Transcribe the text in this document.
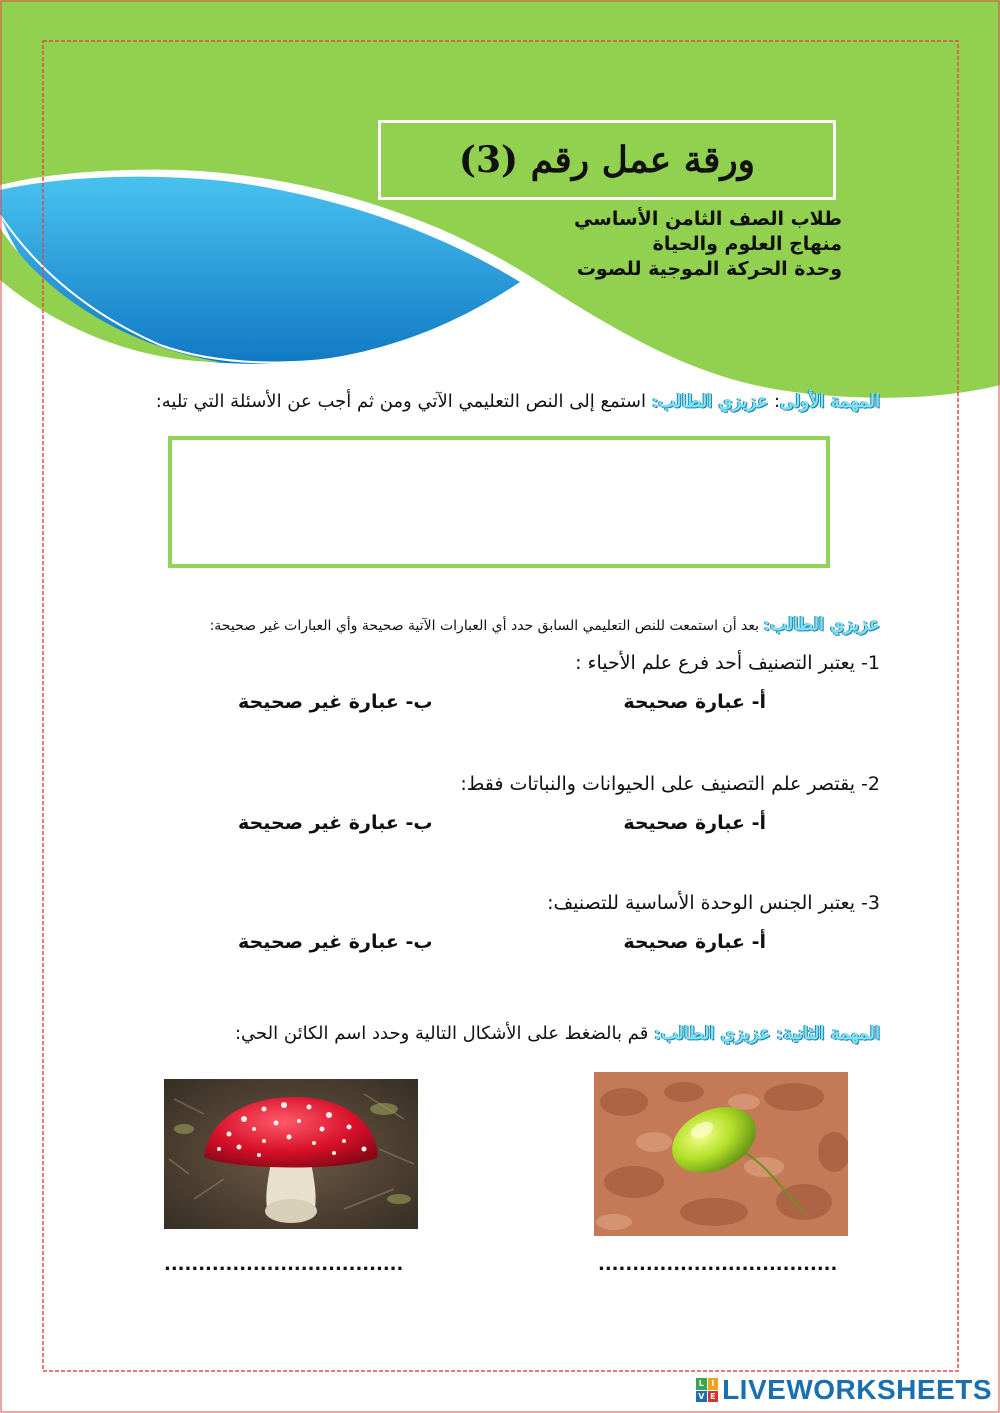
ورقة عمل رقم (3)
طلاب الصف الثامن الأساسي
منهاج العلوم والحياة
وحدة الحركة الموجية للصوت
المهمة الأولى: عزيزي الطالب: استمع إلى النص التعليمي الآتي ومن ثم أجب عن الأسئلة التي تليه:
عزيزي الطالب: بعد أن استمعت للنص التعليمي السابق حدد أي العبارات الآتية صحيحة وأي العبارات غير صحيحة:
1- يعتبر التصنيف أحد فرع علم الأحياء :
أ- عبارة صحيحة
ب- عبارة غير صحيحة
2- يقتصر علم التصنيف على الحيوانات والنباتات فقط:
أ- عبارة صحيحة
ب- عبارة غير صحيحة
3- يعتبر الجنس الوحدة الأساسية للتصنيف:
أ- عبارة صحيحة
ب- عبارة غير صحيحة
المهمة الثانية: عزيزي الطالب: قم بالضغط على الأشكال التالية وحدد اسم الكائن الحي:
...................................	...................................
L I
V E LIVEWORKSHEETS
